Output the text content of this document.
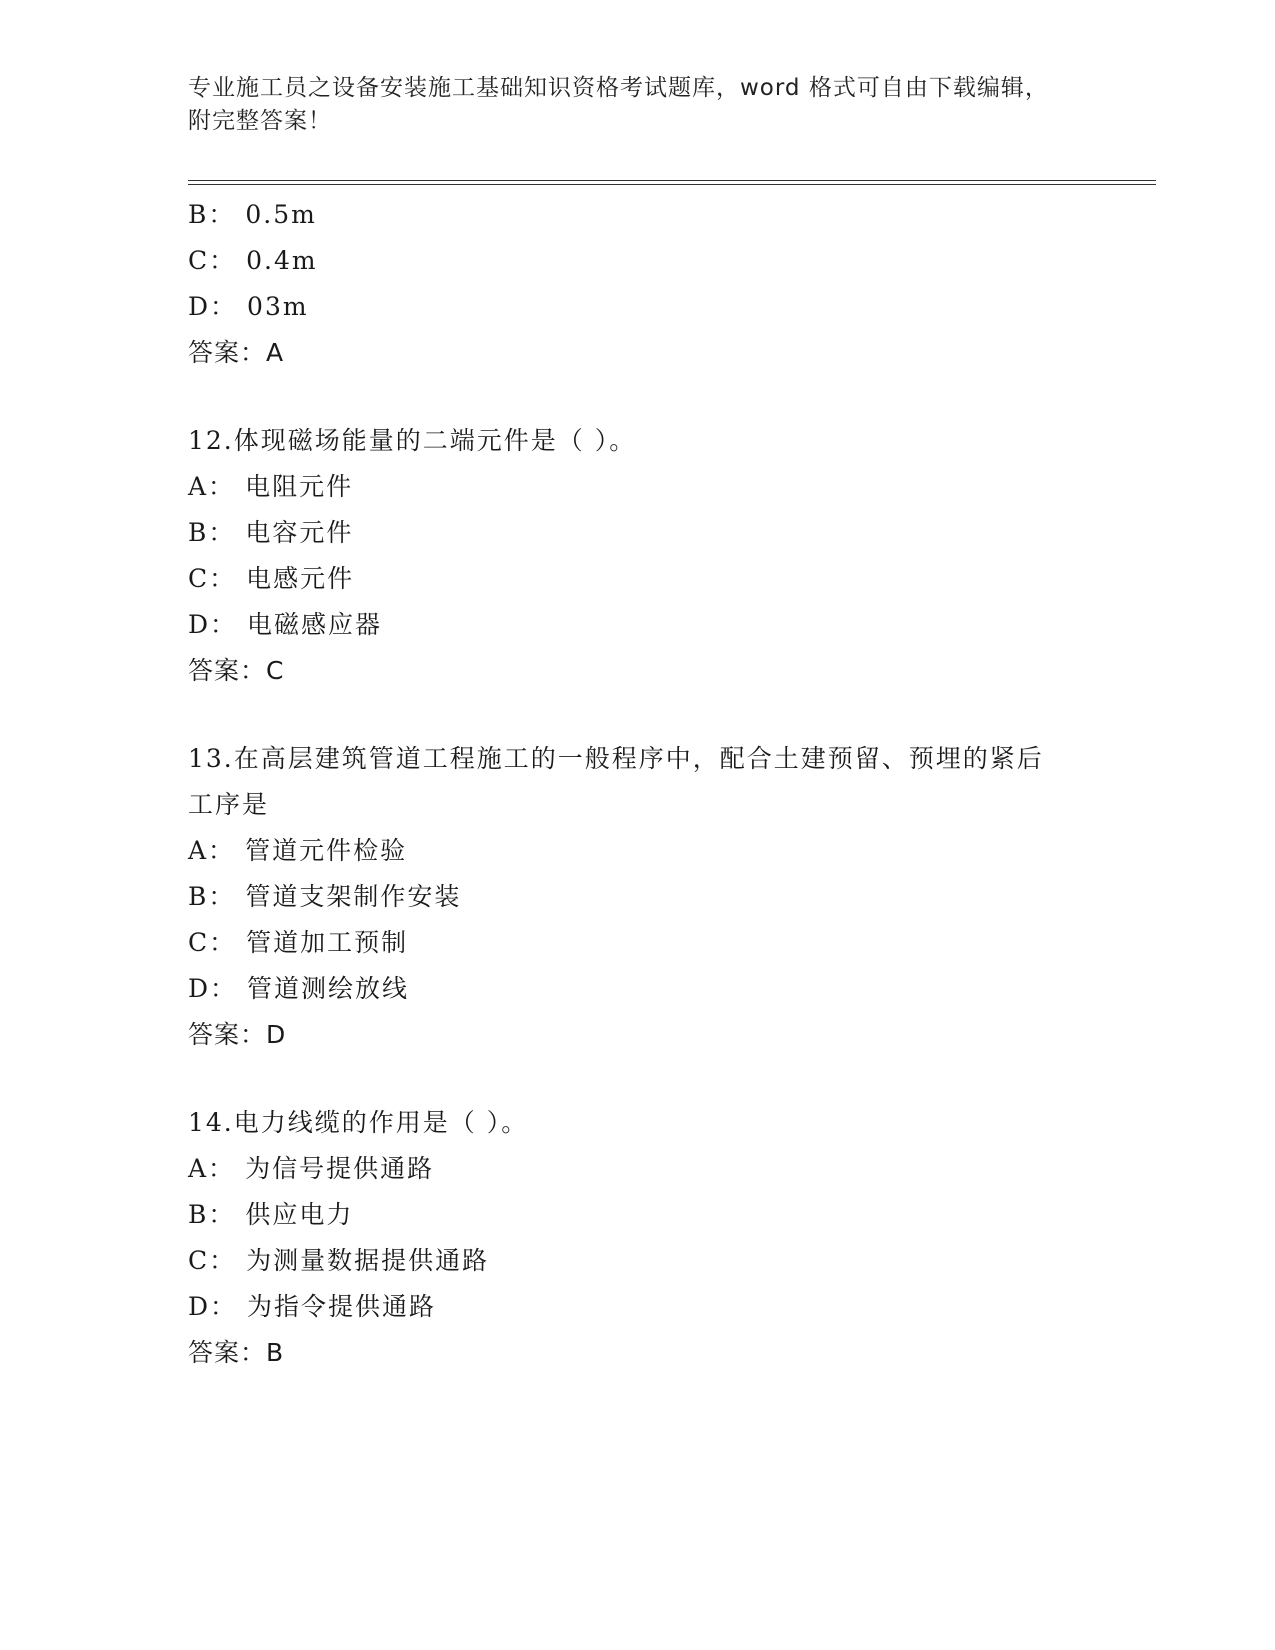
专业施工员之设备安装施工基础知识资格考试题库，word 格式可自由下载编辑，
附完整答案！
B： 0.5m
C： 0.4m
D： 03m
答案：A
12.体现磁场能量的二端元件是（ ）。
A： 电阻元件
B： 电容元件
C： 电感元件
D： 电磁感应器
答案：C
13.在高层建筑管道工程施工的一般程序中，配合土建预留、预埋的紧后工序是
A： 管道元件检验
B： 管道支架制作安装
C： 管道加工预制
D： 管道测绘放线
答案：D
14.电力线缆的作用是（ ）。
A： 为信号提供通路
B： 供应电力
C： 为测量数据提供通路
D： 为指令提供通路
答案：B
